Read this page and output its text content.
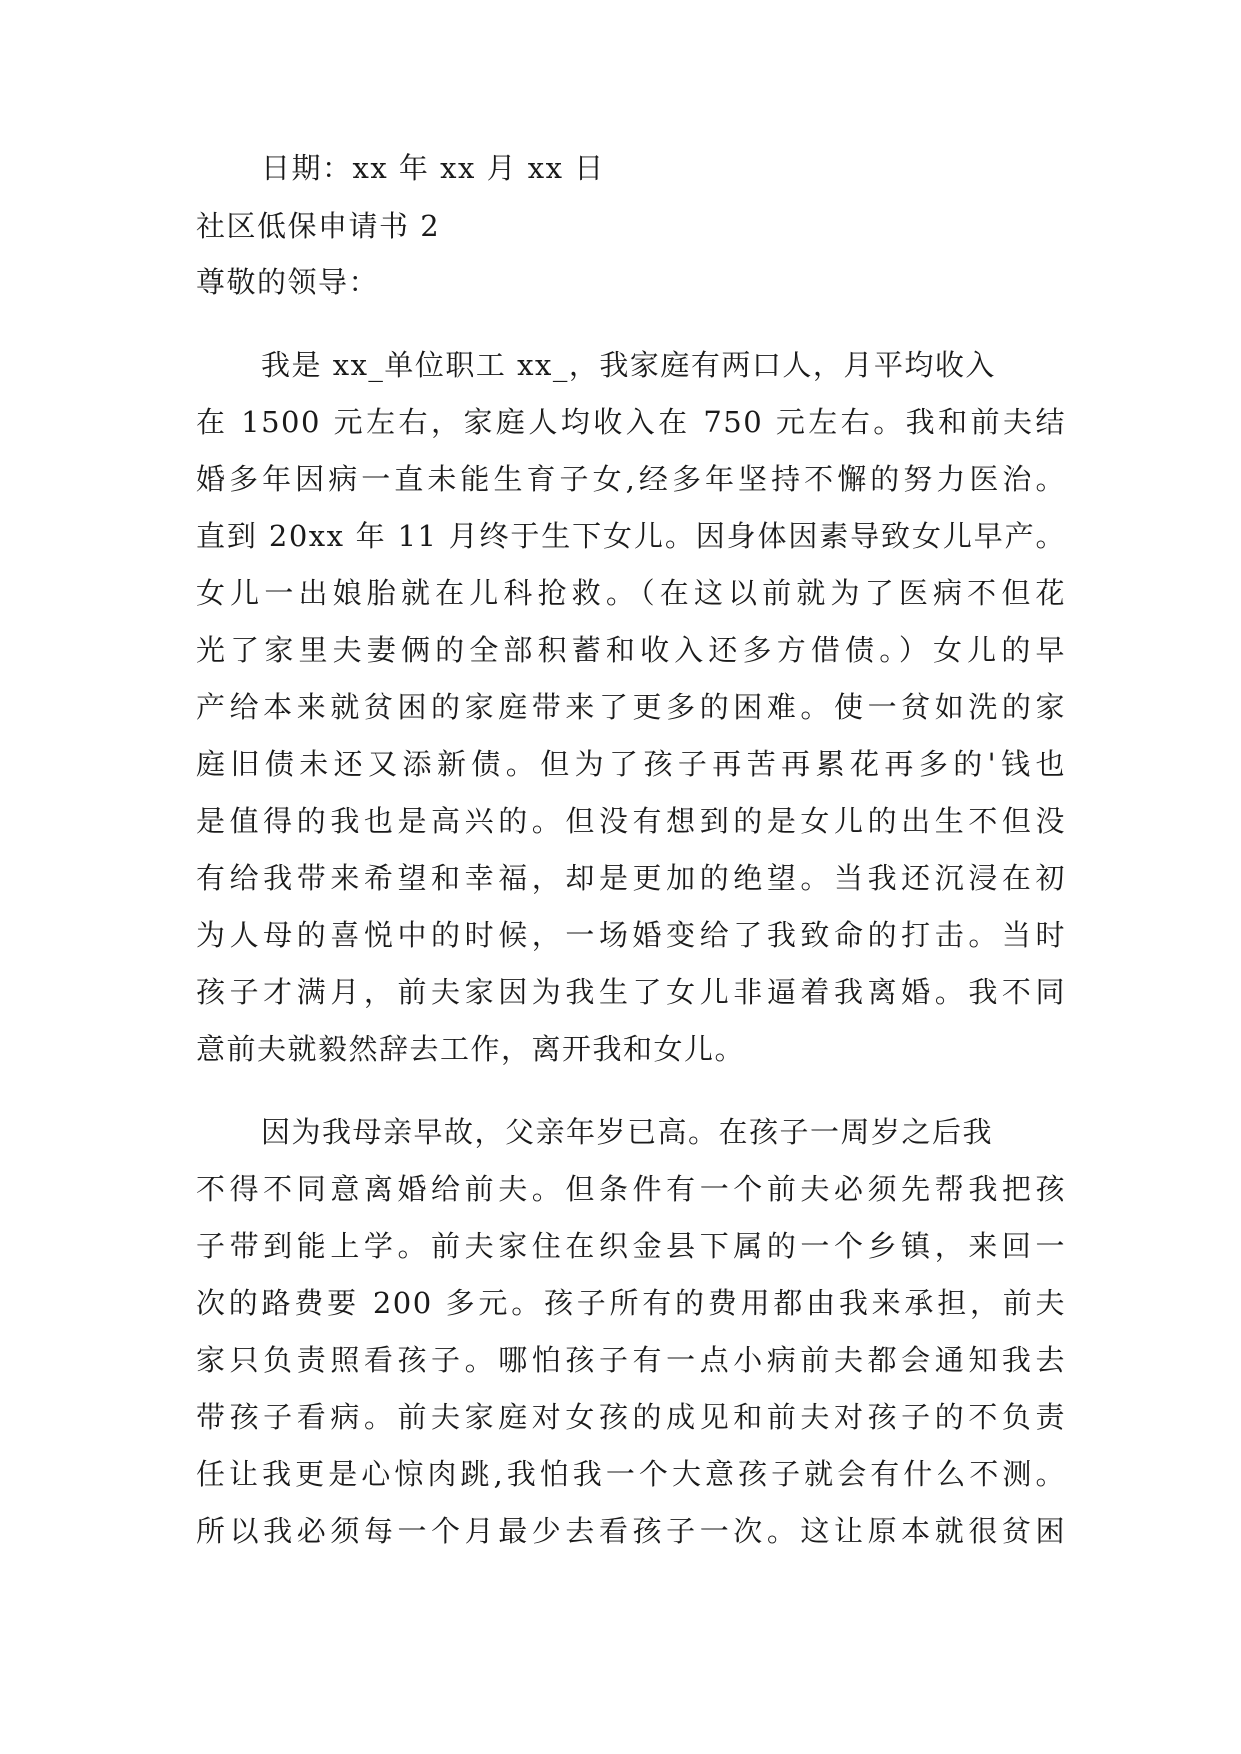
日期：xx 年 xx 月 xx 日
社区低保申请书 2
尊敬的领导：
我是 xx_单位职工 xx_，我家庭有两口人，月平均收入
在 1500 元左右，家庭人均收入在 750 元左右。我和前夫结
婚多年因病一直未能生育子女,经多年坚持不懈的努力医治。
直到 20xx 年 11 月终于生下女儿。因身体因素导致女儿早产。
女儿一出娘胎就在儿科抢救。（在这以前就为了医病不但花
光了家里夫妻俩的全部积蓄和收入还多方借债。）女儿的早
产给本来就贫困的家庭带来了更多的困难。使一贫如洗的家
庭旧债未还又添新债。但为了孩子再苦再累花再多的'钱也
是值得的我也是高兴的。但没有想到的是女儿的出生不但没
有给我带来希望和幸福，却是更加的绝望。当我还沉浸在初
为人母的喜悦中的时候，一场婚变给了我致命的打击。当时
孩子才满月，前夫家因为我生了女儿非逼着我离婚。我不同
意前夫就毅然辞去工作，离开我和女儿。
因为我母亲早故，父亲年岁已高。在孩子一周岁之后我
不得不同意离婚给前夫。但条件有一个前夫必须先帮我把孩
子带到能上学。前夫家住在织金县下属的一个乡镇，来回一
次的路费要 200 多元。孩子所有的费用都由我来承担，前夫
家只负责照看孩子。哪怕孩子有一点小病前夫都会通知我去
带孩子看病。前夫家庭对女孩的成见和前夫对孩子的不负责
任让我更是心惊肉跳,我怕我一个大意孩子就会有什么不测。
所以我必须每一个月最少去看孩子一次。这让原本就很贫困
